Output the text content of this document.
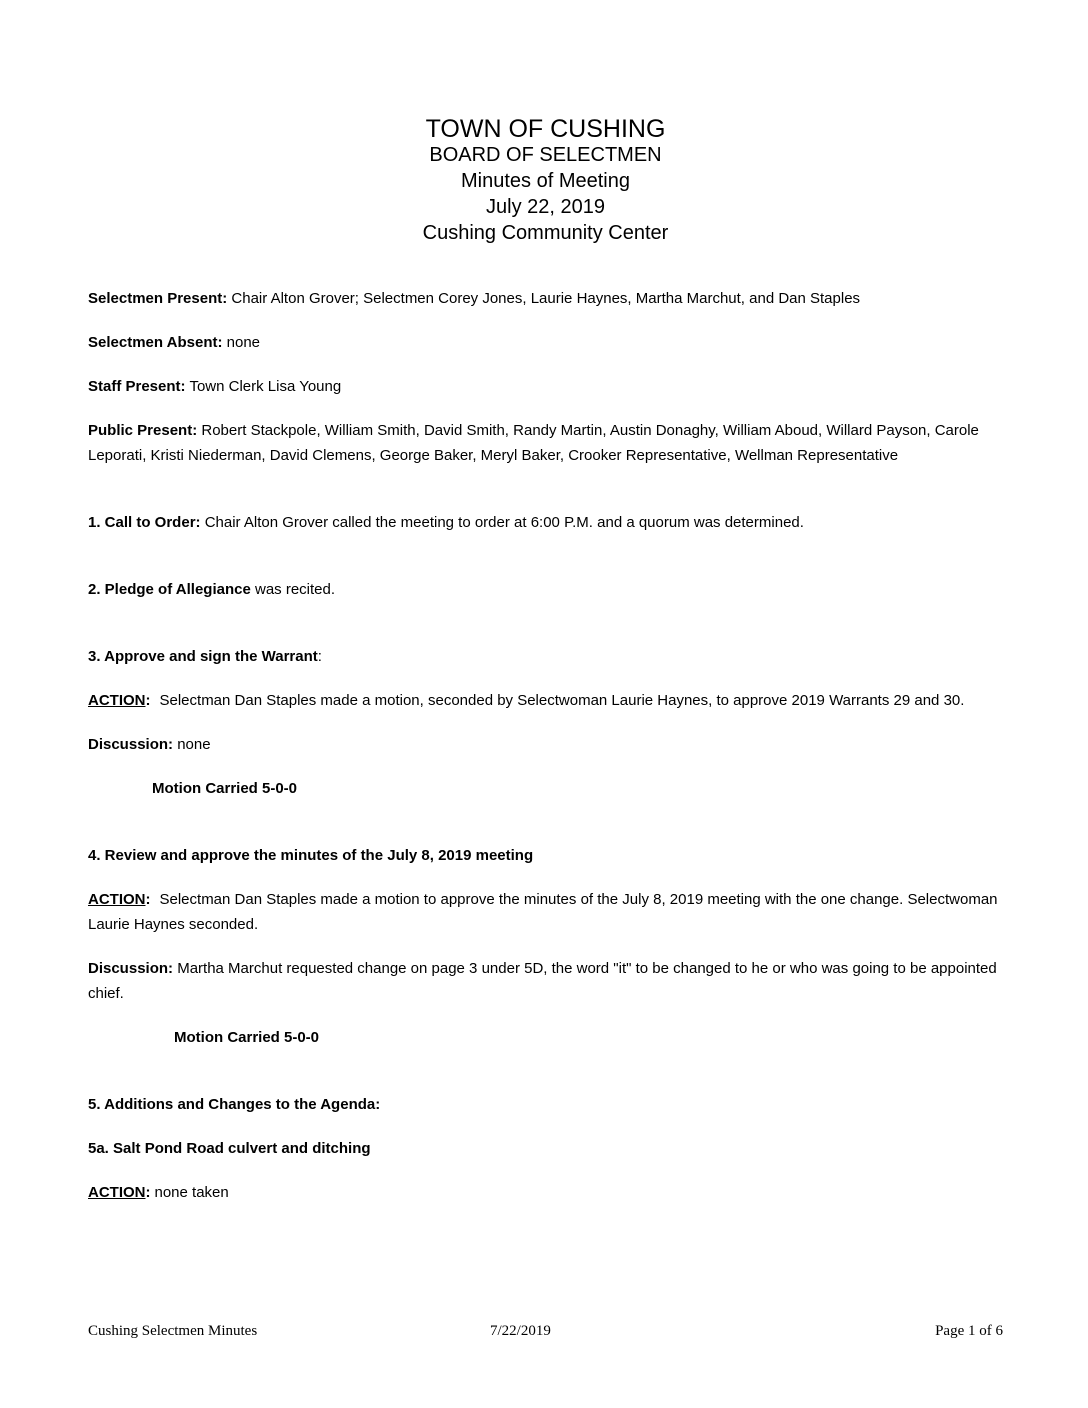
TOWN OF CUSHING

BOARD OF SELECTMEN

Minutes of Meeting

July 22, 2019

Cushing Community Center

Selectmen Present: Chair Alton Grover; Selectmen Corey Jones, Laurie Haynes, Martha Marchut, and Dan Staples

Selectmen Absent: none

Staff Present: Town Clerk Lisa Young

Public Present: Robert Stackpole, William Smith, David Smith, Randy Martin, Austin Donaghy, William Aboud, Willard Payson, Carole Leporati, Kristi Niederman, David Clemens, George Baker, Meryl Baker, Crooker Representative, Wellman Representative

1. Call to Order: Chair Alton Grover called the meeting to order at 6:00 P.M. and a quorum was determined.

2. Pledge of Allegiance was recited.

3. Approve and sign the Warrant:

ACTION: Selectman Dan Staples made a motion, seconded by Selectwoman Laurie Haynes, to approve 2019 Warrants 29 and 30.

Discussion: none

Motion Carried 5-0-0

4. Review and approve the minutes of the July 8, 2019 meeting

ACTION: Selectman Dan Staples made a motion to approve the minutes of the July 8, 2019 meeting with the one change. Selectwoman Laurie Haynes seconded.

Discussion: Martha Marchut requested change on page 3 under 5D, the word "it" to be changed to he or who was going to be appointed chief.

Motion Carried 5-0-0

5. Additions and Changes to the Agenda:

5a. Salt Pond Road culvert and ditching

ACTION: none taken

Cushing Selectmen Minutes	7/22/2019	Page 1 of 6
